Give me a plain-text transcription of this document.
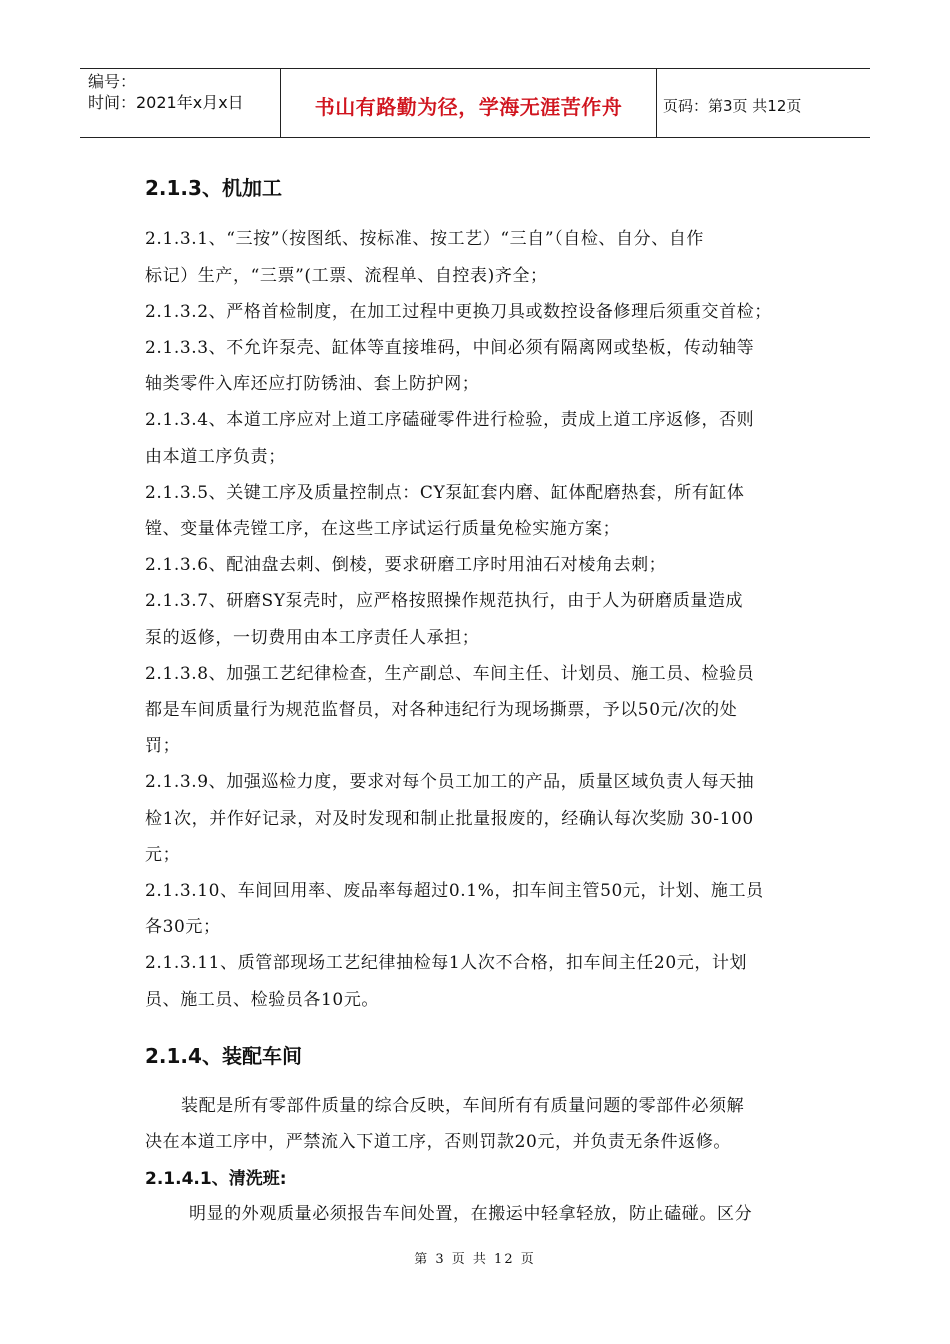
编号：
时间：2021年x月x日	书山有路勤为径，学海无涯苦作舟	页码：第3页 共12页
2.1.3、机加工
2.1.3.1、“三按”（按图纸、按标准、按工艺）“三自”（自检、自分、自作
标记）生产，“三票”(工票、流程单、自控表)齐全；
2.1.3.2、严格首检制度，在加工过程中更换刀具或数控设备修理后须重交首检；
2.1.3.3、不允许泵壳、缸体等直接堆码，中间必须有隔离网或垫板，传动轴等
轴类零件入库还应打防锈油、套上防护网；
2.1.3.4、本道工序应对上道工序磕碰零件进行检验，责成上道工序返修，否则
由本道工序负责；
2.1.3.5、关键工序及质量控制点：CY泵缸套内磨、缸体配磨热套，所有缸体
镗、变量体壳镗工序，在这些工序试运行质量免检实施方案；
2.1.3.6、配油盘去刺、倒棱，要求研磨工序时用油石对棱角去刺；
2.1.3.7、研磨SY泵壳时，应严格按照操作规范执行，由于人为研磨质量造成
泵的返修，一切费用由本工序责任人承担；
2.1.3.8、加强工艺纪律检查，生产副总、车间主任、计划员、施工员、检验员
都是车间质量行为规范监督员，对各种违纪行为现场撕票，予以50元/次的处
罚；
2.1.3.9、加强巡检力度，要求对每个员工加工的产品，质量区域负责人每天抽
检1次，并作好记录，对及时发现和制止批量报废的，经确认每次奖励 30-100
元；
2.1.3.10、车间回用率、废品率每超过0.1%，扣车间主管50元，计划、施工员
各30元；
2.1.3.11、质管部现场工艺纪律抽检每1人次不合格，扣车间主任20元，计划
员、施工员、检验员各10元。
2.1.4、装配车间
装配是所有零部件质量的综合反映，车间所有有质量问题的零部件必须解
决在本道工序中，严禁流入下道工序，否则罚款20元，并负责无条件返修。
2.1.4.1、清洗班:
明显的外观质量必须报告车间处置，在搬运中轻拿轻放，防止磕碰。区分
第 3 页 共 12 页
